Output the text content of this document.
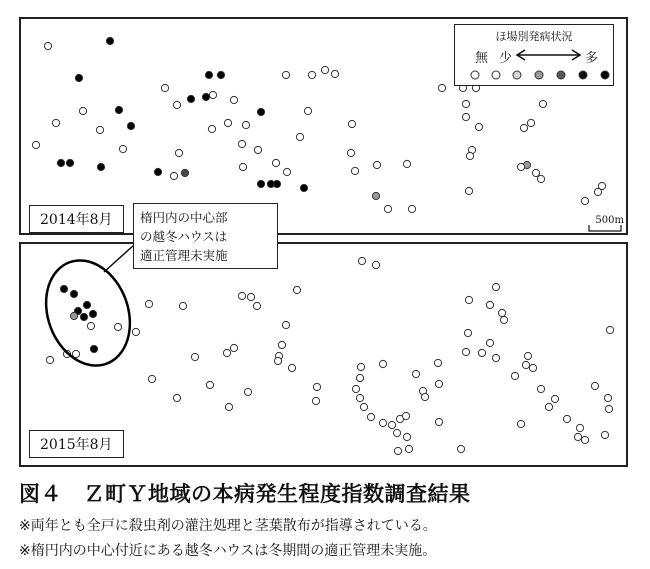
ほ場別発病状況
無 少	多
500m
2014年8月
2015年8月
楕円内の中心部
の越冬ハウスは
適正管理未実施
図４　Ｚ町Ｙ地域の本病発生程度指数調査結果
※両年とも全戸に殺虫剤の灌注処理と茎葉散布が指導されている。
※楕円内の中心付近にある越冬ハウスは冬期間の適正管理未実施。
